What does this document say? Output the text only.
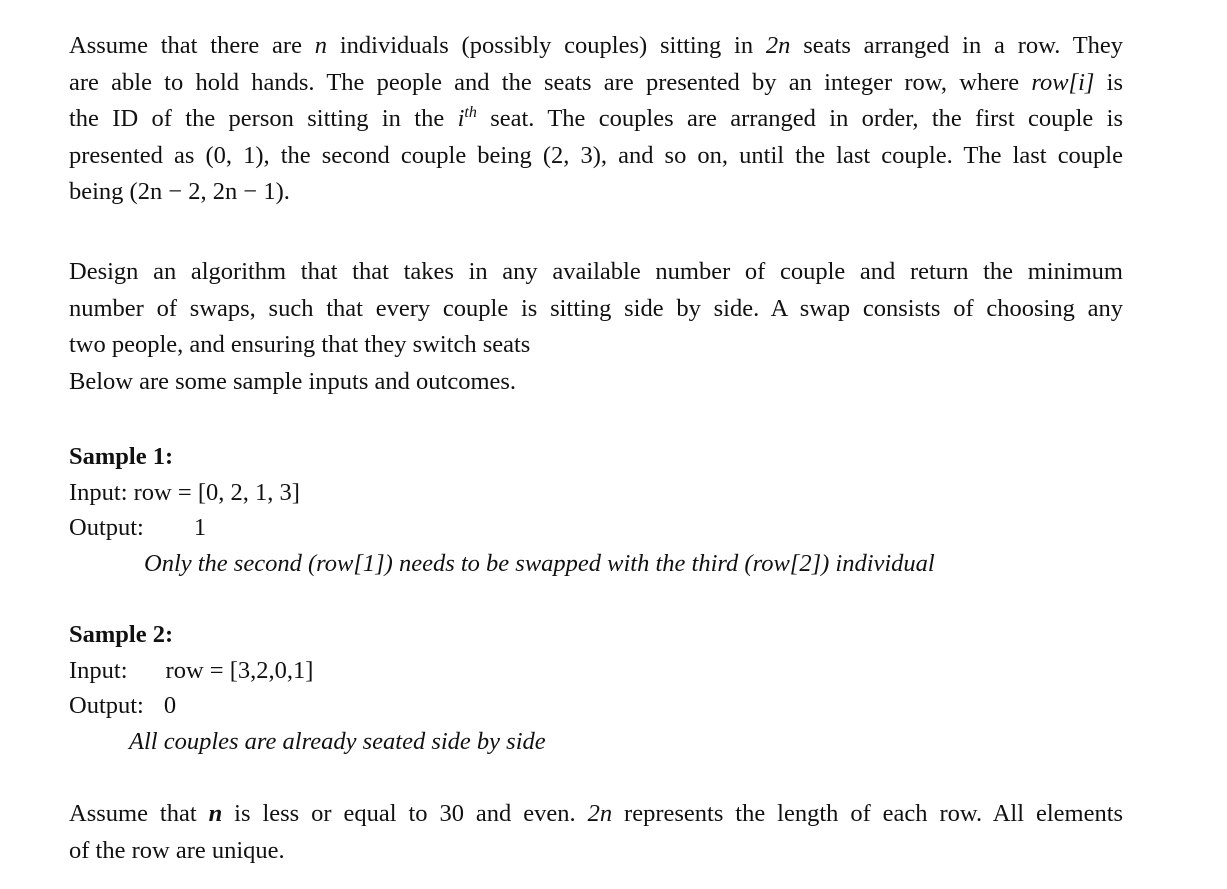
Assume that there are n individuals (possibly couples) sitting in 2n seats arranged in a row. They
are able to hold hands. The people and the seats are presented by an integer row, where row[i] is
the ID of the person sitting in the $i^{th}$ seat. The couples are arranged in order, the first couple is
presented as (0, 1), the second couple being (2, 3), and so on, until the last couple. The last couple
being (2n − 2, 2n − 1).
Design an algorithm that that takes in any available number of couple and return the minimum
number of swaps, such that every couple is sitting side by side. A swap consists of choosing any
two people, and ensuring that they switch seats
Below are some sample inputs and outcomes.
Sample 1:
Input: row = [0, 2, 1, 3]
Output: 1
Only the second (row[1]) needs to be swapped with the third (row[2]) individual
Sample 2:
Input: row = [3,2,0,1]
Output: 0
All couples are already seated side by side
Assume that n is less or equal to 30 and even. 2n represents the length of each row. All elements
of the row are unique.
